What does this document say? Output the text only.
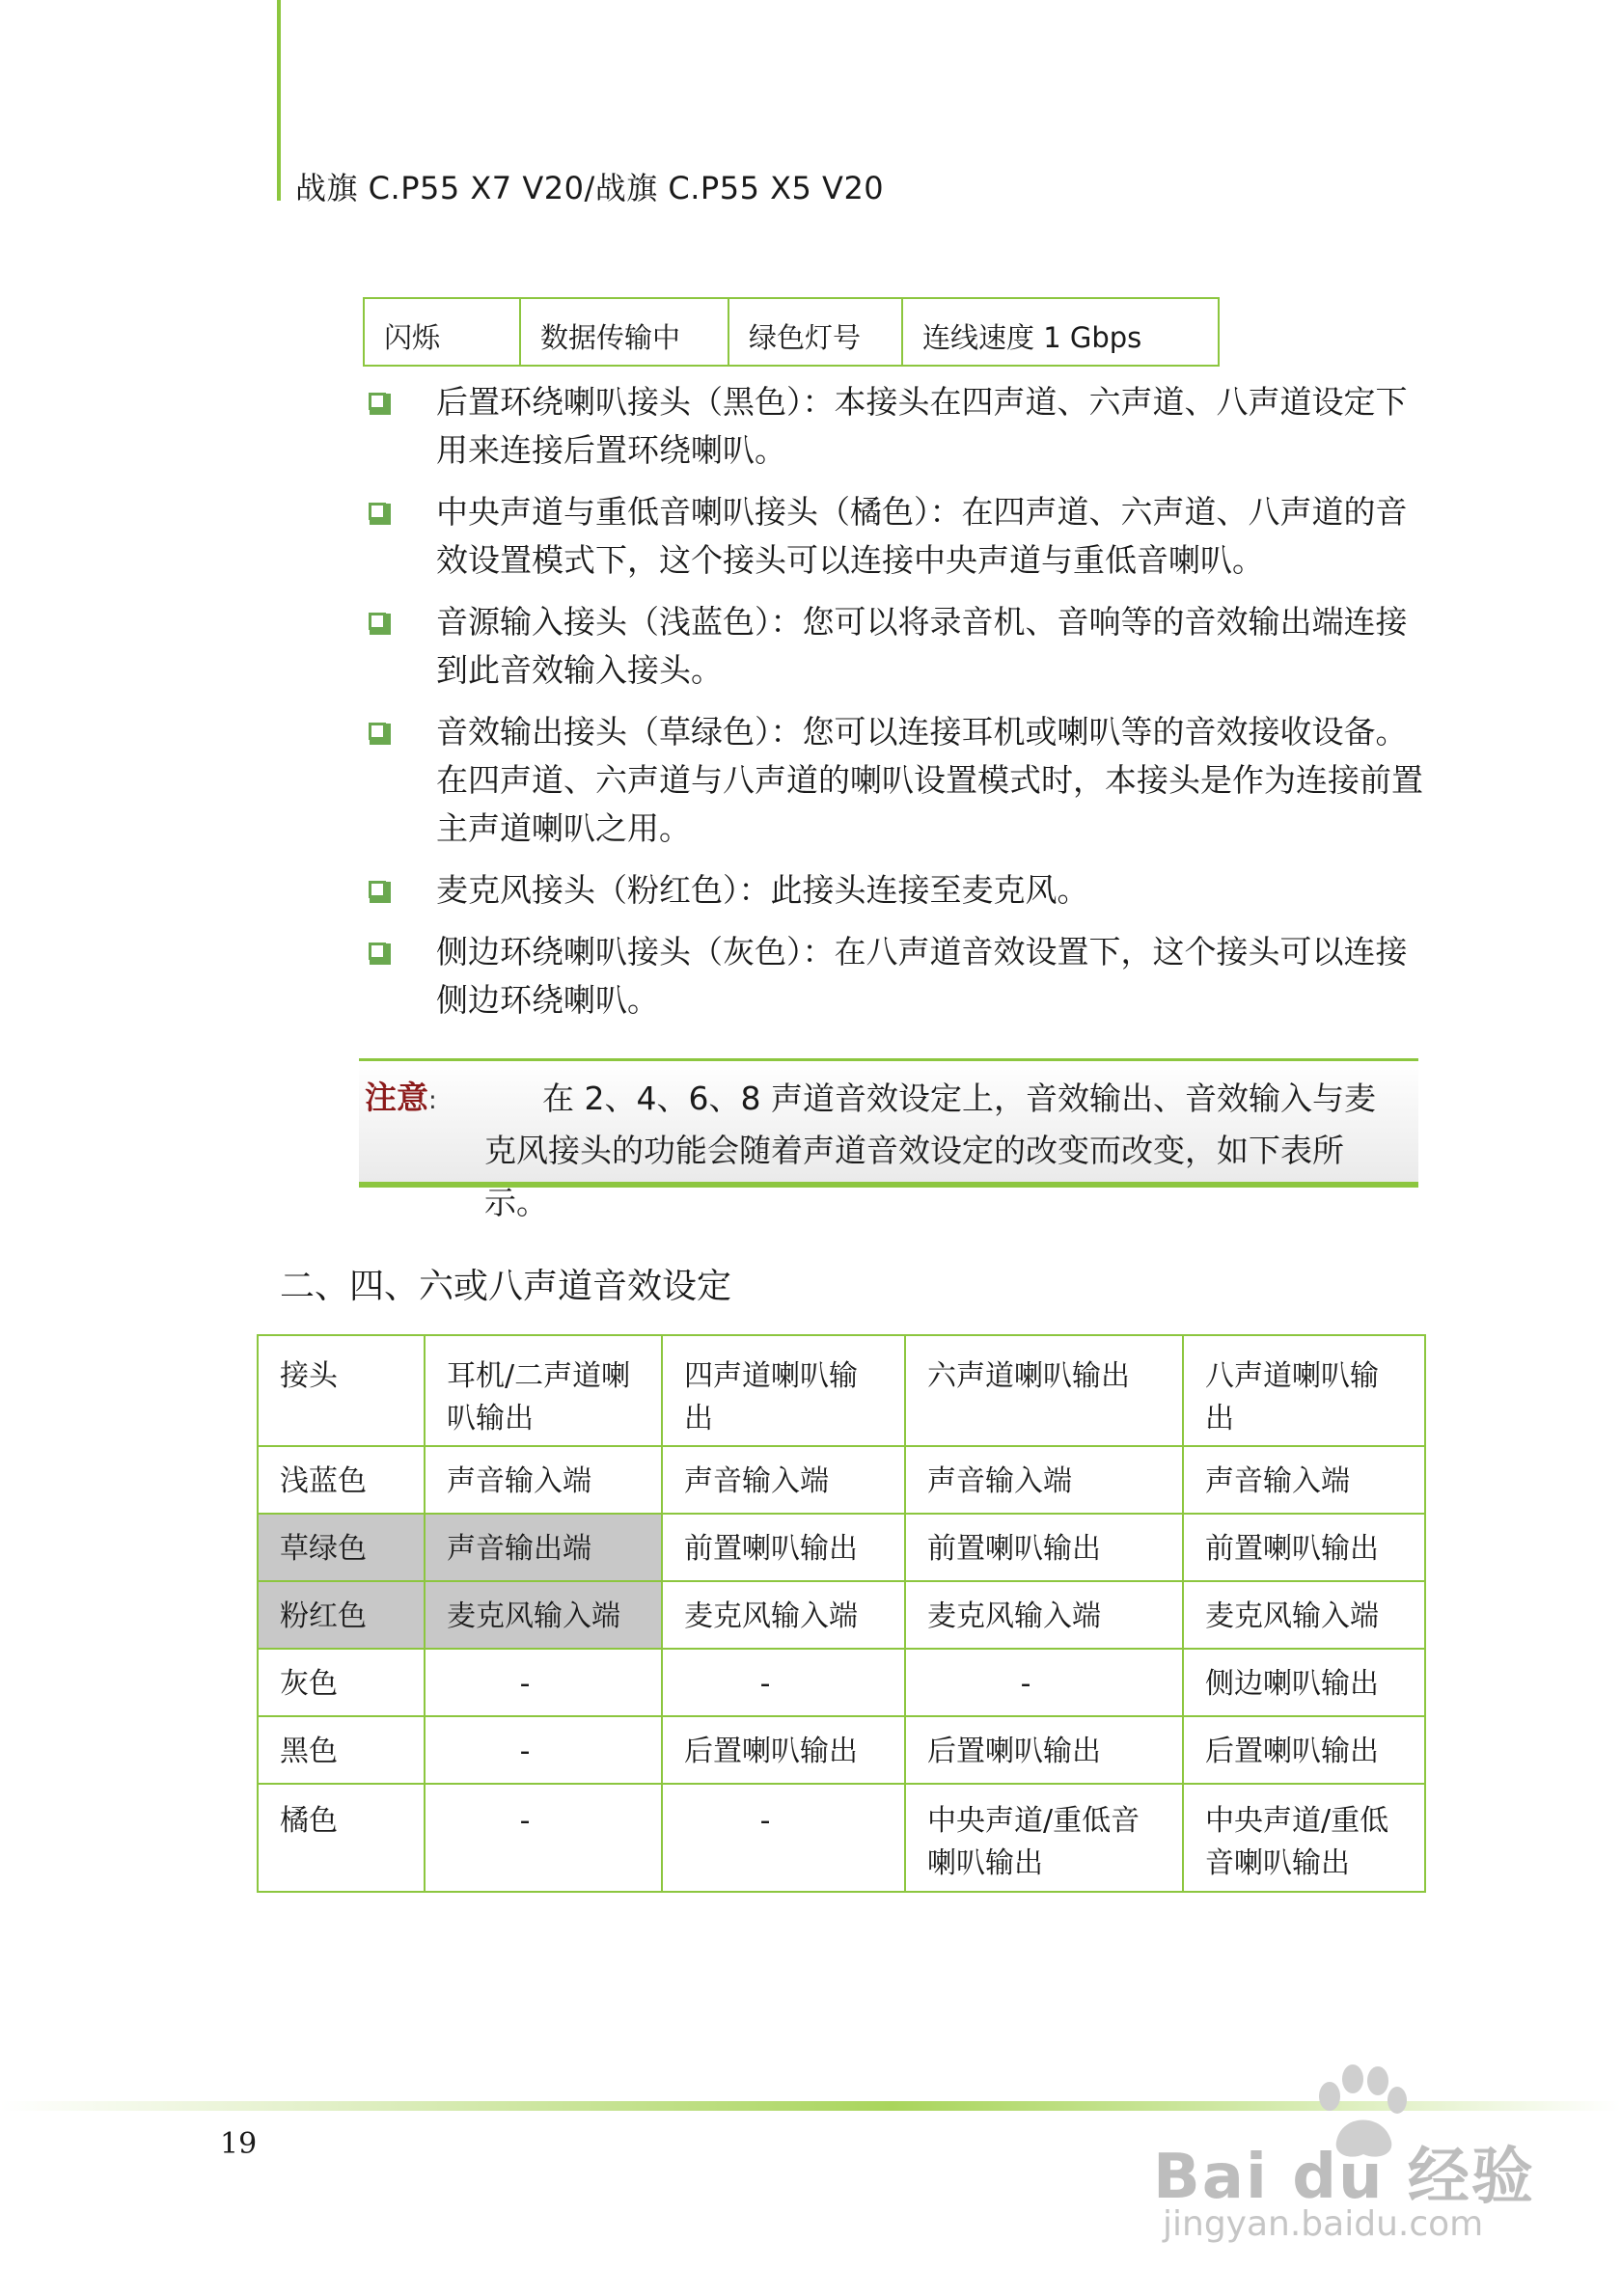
战旗 C.P55 X7 V20/战旗 C.P55 X5 V20
闪烁	数据传输中	绿色灯号	连线速度 1 Gbps
后置环绕喇叭接头（黑色）：本接头在四声道、六声道、八声道设定下用来连接后置环绕喇叭。
中央声道与重低音喇叭接头（橘色）：在四声道、六声道、八声道的音效设置模式下，这个接头可以连接中央声道与重低音喇叭。
音源输入接头（浅蓝色）：您可以将录音机、音响等的音效输出端连接到此音效输入接头。
音效输出接头（草绿色）：您可以连接耳机或喇叭等的音效接收设备。在四声道、六声道与八声道的喇叭设置模式时，本接头是作为连接前置主声道喇叭之用。
麦克风接头（粉红色）：此接头连接至麦克风。
侧边环绕喇叭接头（灰色）：在八声道音效设置下，这个接头可以连接侧边环绕喇叭。
注意:	在 2、4、6、8 声道音效设定上，音效输出、音效输入与麦克风接头的功能会随着声道音效设定的改变而改变，如下表所示。
二、四、六或八声道音效设定
接头	耳机/二声道喇叭输出	四声道喇叭输出	六声道喇叭输出	八声道喇叭输出
浅蓝色	声音输入端	声音输入端	声音输入端	声音输入端
草绿色	声音输出端	前置喇叭输出	前置喇叭输出	前置喇叭输出
粉红色	麦克风输入端	麦克风输入端	麦克风输入端	麦克风输入端
灰色	-	-	-	侧边喇叭输出
黑色	-	后置喇叭输出	后置喇叭输出	后置喇叭输出
橘色	-	-	中央声道/重低音喇叭输出	中央声道/重低音喇叭输出
19	Bai du 经验
jingyan.baidu.com
